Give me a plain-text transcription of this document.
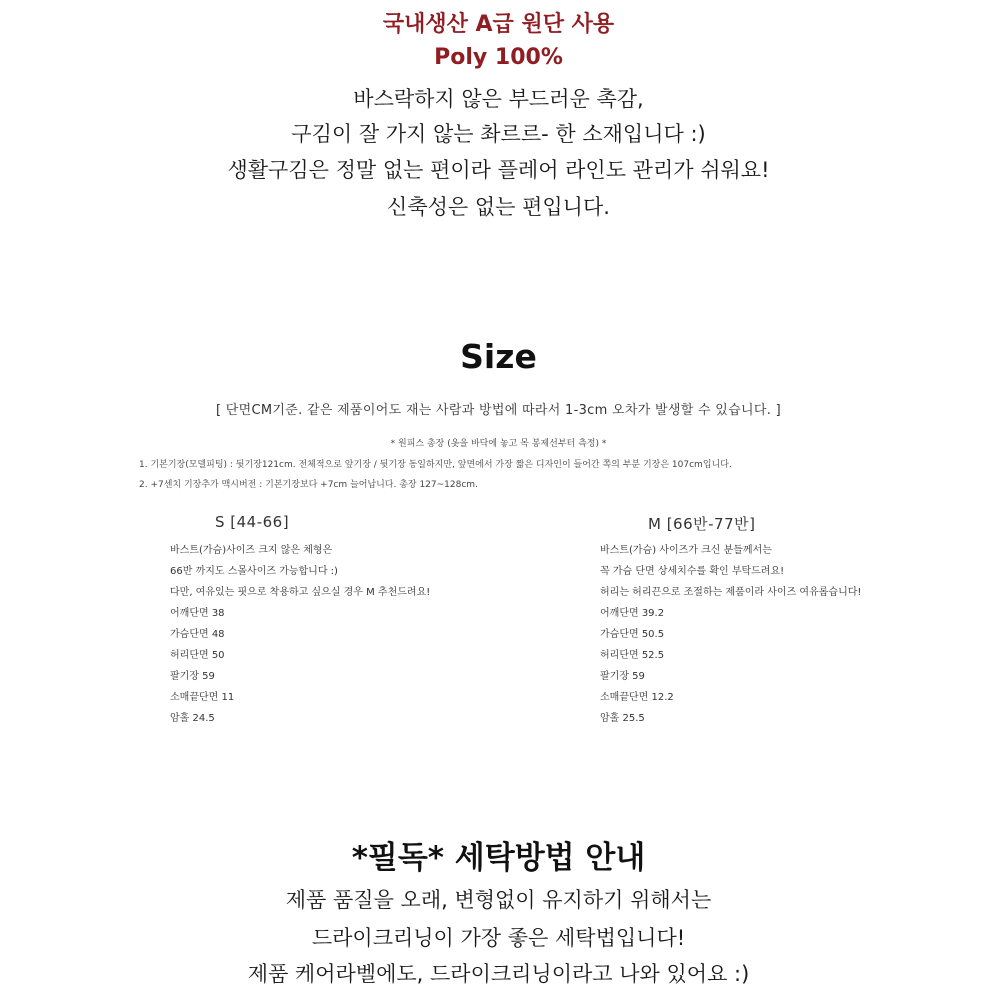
국내생산 A급 원단 사용
Poly 100%
바스락하지 않은 부드러운 촉감,
구김이 잘 가지 않는 촤르르- 한 소재입니다 :)
생활구김은 정말 없는 편이라 플레어 라인도 관리가 쉬워요!
신축성은 없는 편입니다.
Size
[ 단면CM기준. 같은 제품이어도 재는 사람과 방법에 따라서 1-3cm 오차가 발생할 수 있습니다. ]
* 원피스 총장 (옷을 바닥에 놓고 목 봉제선부터 측정) *
1. 기본기장(모델피팅) : 뒷기장121cm. 전체적으로 앞기장 / 뒷기장 동일하지만, 앞면에서 가장 짧은 디자인이 들어간 쪽의 부분 기장은 107cm입니다.
2. +7센치 기장추가 맥시버전 : 기본기장보다 +7cm 늘어납니다. 총장 127~128cm.
S [44-66]
바스트(가슴)사이즈 크지 않은 체형은
66반 까지도 스몰사이즈 가능합니다 :)
다만, 여유있는 핏으로 착용하고 싶으실 경우 M 추천드려요!
어깨단면 38
가슴단면 48
허리단면 50
팔기장 59
소매끝단면 11
암홀 24.5
M [66반-77반]
바스트(가슴) 사이즈가 크신 분들께서는
꼭 가슴 단면 상세치수를 확인 부탁드려요!
허리는 허리끈으로 조절하는 제품이라 사이즈 여유롭습니다!
어깨단면 39.2
가슴단면 50.5
허리단면 52.5
팔기장 59
소매끝단면 12.2
암홀 25.5
*필독* 세탁방법 안내
제품 품질을 오래, 변형없이 유지하기 위해서는
드라이크리닝이 가장 좋은 세탁법입니다!
제품 케어라벨에도, 드라이크리닝이라고 나와 있어요 :)
